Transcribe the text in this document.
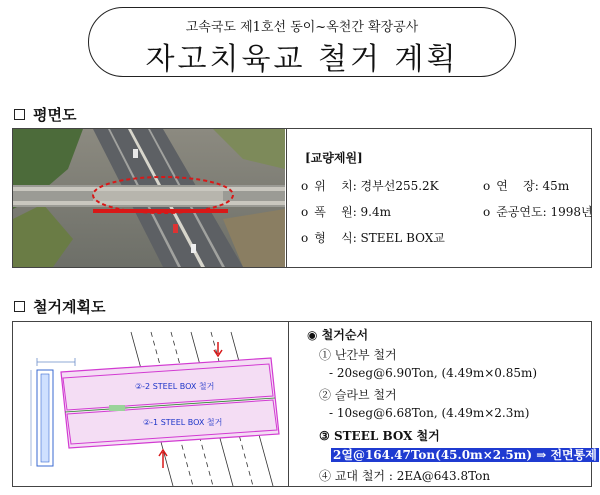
고속국도 제1호선 동이~옥천간 확장공사
자고치육교 철거 계획
평면도
[교량제원]
o 위    치: 경부선255.2K	o 연    장: 45m
o 폭    원: 9.4m	o 준공연도: 1998년
o 형    식: STEEL BOX교
철거계획도
②-2 STEEL BOX 철거
②-1 STEEL BOX 철거
◉ 철거순서
① 난간부 철거
- 20seg@6.90Ton, (4.49m×0.85m)
② 슬라브 철거
- 10seg@6.68Ton, (4.49m×2.3m)
③ STEEL BOX 철거
2열@164.47Ton(45.0m×2.5m) ⇒ 전면통제
④ 교대 철거 : 2EA@643.8Ton
